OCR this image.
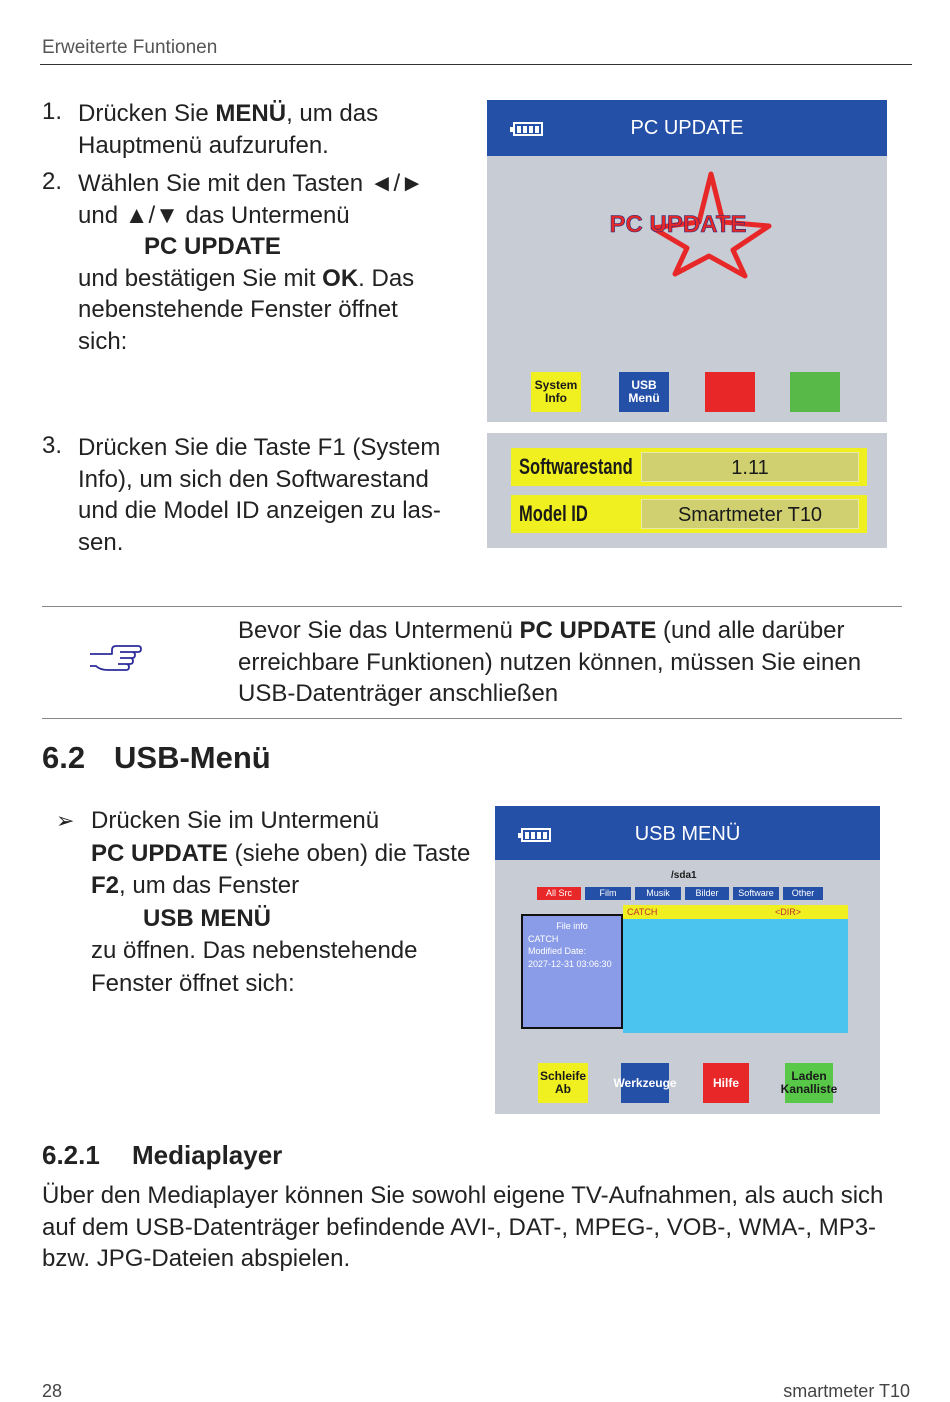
Erweiterte Funtionen
1. Drücken Sie MENÜ, um das Hauptmenü aufzurufen.
2. Wählen Sie mit den Tasten ◄/► und ▲/▼ das Untermenü
PC UPDATE
und bestätigen Sie mit OK. Das nebenstehende Fenster öffnet sich:
PC UPDATE
PC UPDATE
System Info
USB Menü
3. Drücken Sie die Taste F1 (System Info), um sich den Softwarestand und die Model ID anzeigen zu las-sen.
Softwarestand	1.11
Model ID	Smartmeter T10
Bevor Sie das Untermenü PC UPDATE (und alle darüber erreichbare Funktionen) nutzen können, müssen Sie einen USB-Datenträger anschließen
6.2 USB-Menü
➢ Drücken Sie im Untermenü
PC UPDATE (siehe oben) die Taste F2, um das Fenster
USB MENÜ
zu öffnen. Das nebenstehende Fenster öffnet sich:
USB MENÜ
/sda1
All Src	Film	Musik	Bilder	Software	Other
CATCH	<DIR>
File info
CATCH
Modified Date:
2027-12-31 03:06:30
Schleife Ab	Werkzeuge	Hilfe	Laden Kanalliste
6.2.1 Mediaplayer
Über den Mediaplayer können Sie sowohl eigene TV-Aufnahmen, als auch sich auf dem USB-Datenträger befindende AVI-, DAT-, MPEG-, VOB-, WMA-, MP3- bzw. JPG-Dateien abspielen.
28	smartmeter T10
